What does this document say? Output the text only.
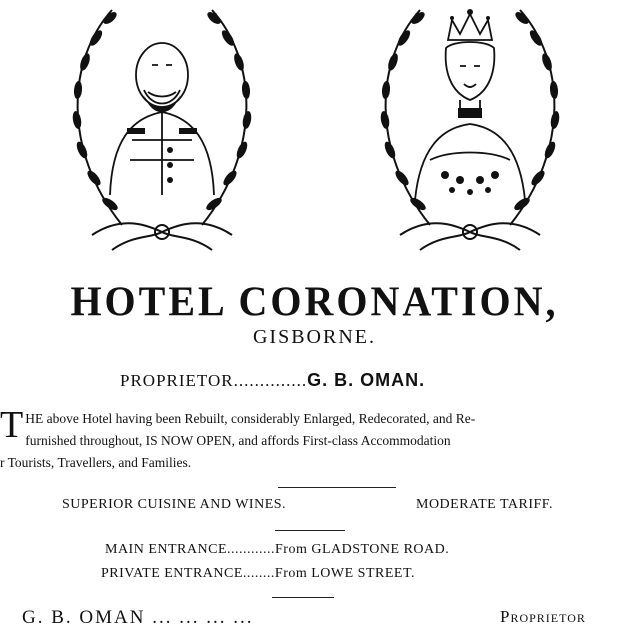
HOTEL CORONATION,
GISBORNE.
PROPRIETOR..............G. B. OMAN.
T HE above Hotel having been Rebuilt, considerably Enlarged, Redecorated, and Re-
furnished throughout, IS NOW OPEN, and affords First-class Accommodation
r Tourists, Travellers, and Families.
SUPERIOR CUISINE AND WINES.	MODERATE TARIFF.
MAIN ENTRANCE............From GLADSTONE ROAD.
PRIVATE ENTRANCE........From LOWE STREET.
G. B. OMAN ... ... ... ...	Proprietor
